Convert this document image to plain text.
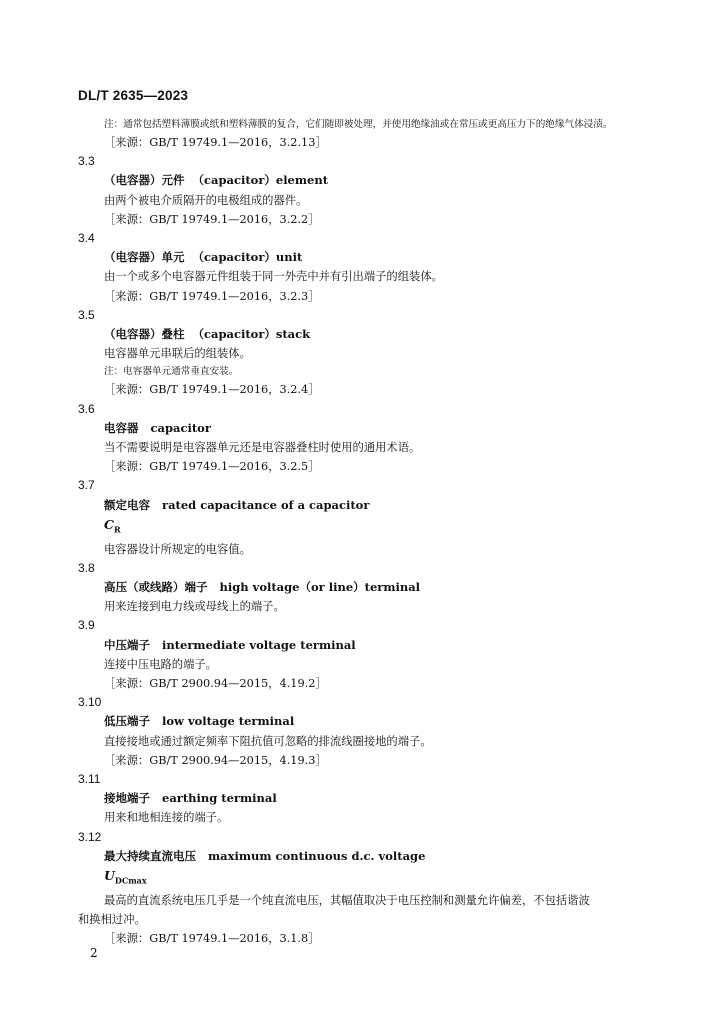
DL/T 2635—2023
注：通常包括塑料薄膜或纸和塑料薄膜的复合，它们随即被处理，并使用绝缘油或在常压或更高压力下的绝缘气体浸渍。
［来源：GB/T 19749.1—2016，3.2.13］
3.3
（电容器）元件 （capacitor）element
由两个被电介质隔开的电极组成的器件。
［来源：GB/T 19749.1—2016，3.2.2］
3.4
（电容器）单元 （capacitor）unit
由一个或多个电容器元件组装于同一外壳中并有引出端子的组装体。
［来源：GB/T 19749.1—2016，3.2.3］
3.5
（电容器）叠柱 （capacitor）stack
电容器单元串联后的组装体。
注：电容器单元通常垂直安装。
［来源：GB/T 19749.1—2016，3.2.4］
3.6
电容器 capacitor
当不需要说明是电容器单元还是电容器叠柱时使用的通用术语。
［来源：GB/T 19749.1—2016，3.2.5］
3.7
额定电容 rated capacitance of a capacitor
$C_R$
电容器设计所规定的电容值。
3.8
高压（或线路）端子 high voltage（or line）terminal
用来连接到电力线或母线上的端子。
3.9
中压端子 intermediate voltage terminal
连接中压电路的端子。
［来源：GB/T 2900.94—2015，4.19.2］
3.10
低压端子 low voltage terminal
直接接地或通过额定频率下阻抗值可忽略的排流线圈接地的端子。
［来源：GB/T 2900.94—2015，4.19.3］
3.11
接地端子 earthing terminal
用来和地相连接的端子。
3.12
最大持续直流电压 maximum continuous d.c. voltage
$U_{DCmax}$
最高的直流系统电压几乎是一个纯直流电压，其幅值取决于电压控制和测量允许偏差，不包括谐波
和换相过冲。
［来源：GB/T 19749.1—2016，3.1.8］
2
